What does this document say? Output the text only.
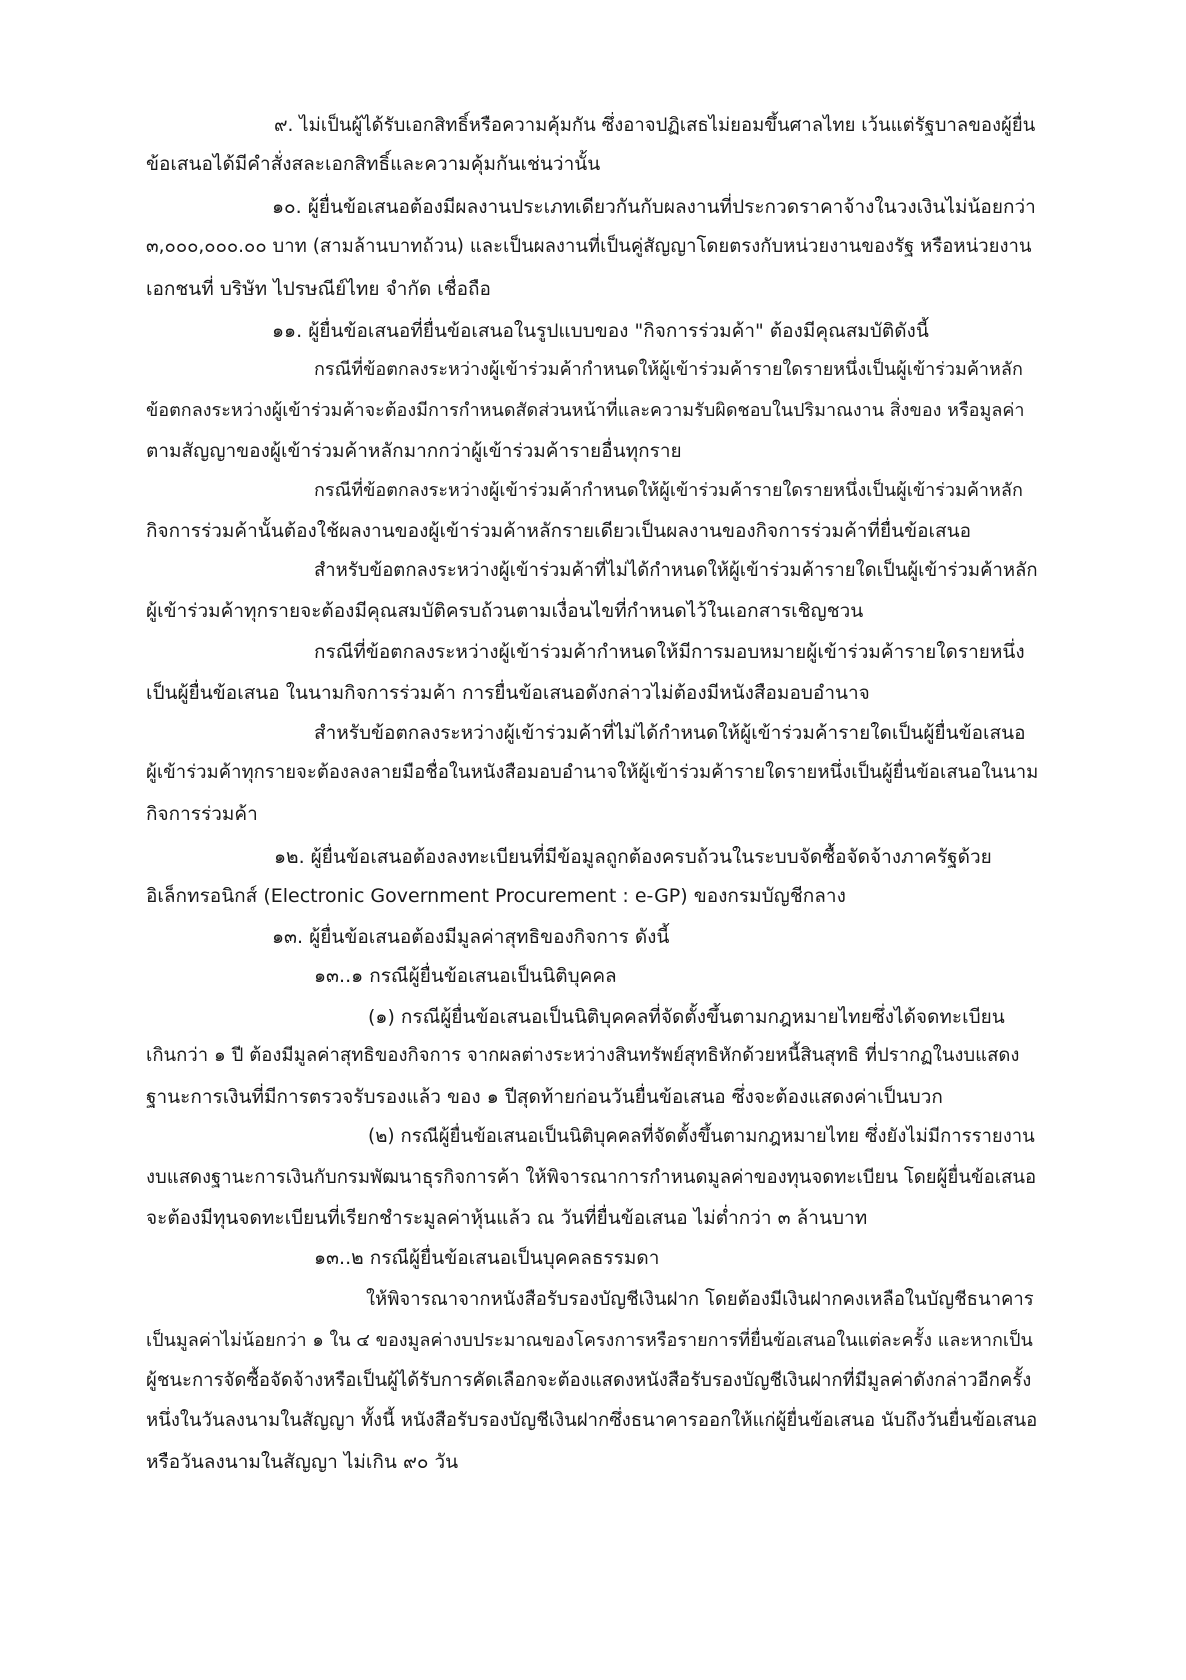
๙. ไม่เป็นผู้ได้รับเอกสิทธิ์หรือความคุ้มกัน ซึ่งอาจปฏิเสธไม่ยอมขึ้นศาลไทย เว้นแต่รัฐบาลของผู้ยื่น
ข้อเสนอได้มีคำสั่งสละเอกสิทธิ์และความคุ้มกันเช่นว่านั้น
๑๐. ผู้ยื่นข้อเสนอต้องมีผลงานประเภทเดียวกันกับผลงานที่ประกวดราคาจ้างในวงเงินไม่น้อยกว่า
๓,๐๐๐,๐๐๐.๐๐ บาท (สามล้านบาทถ้วน) และเป็นผลงานที่เป็นคู่สัญญาโดยตรงกับหน่วยงานของรัฐ หรือหน่วยงาน
เอกชนที่ บริษัท ไปรษณีย์ไทย จำกัด เชื่อถือ
๑๑. ผู้ยื่นข้อเสนอที่ยื่นข้อเสนอในรูปแบบของ "กิจการร่วมค้า" ต้องมีคุณสมบัติดังนี้
กรณีที่ข้อตกลงระหว่างผู้เข้าร่วมค้ากำหนดให้ผู้เข้าร่วมค้ารายใดรายหนึ่งเป็นผู้เข้าร่วมค้าหลัก
ข้อตกลงระหว่างผู้เข้าร่วมค้าจะต้องมีการกำหนดสัดส่วนหน้าที่และความรับผิดชอบในปริมาณงาน สิ่งของ หรือมูลค่า
ตามสัญญาของผู้เข้าร่วมค้าหลักมากกว่าผู้เข้าร่วมค้ารายอื่นทุกราย
กรณีที่ข้อตกลงระหว่างผู้เข้าร่วมค้ากำหนดให้ผู้เข้าร่วมค้ารายใดรายหนึ่งเป็นผู้เข้าร่วมค้าหลัก
กิจการร่วมค้านั้นต้องใช้ผลงานของผู้เข้าร่วมค้าหลักรายเดียวเป็นผลงานของกิจการร่วมค้าที่ยื่นข้อเสนอ
สำหรับข้อตกลงระหว่างผู้เข้าร่วมค้าที่ไม่ได้กำหนดให้ผู้เข้าร่วมค้ารายใดเป็นผู้เข้าร่วมค้าหลัก
ผู้เข้าร่วมค้าทุกรายจะต้องมีคุณสมบัติครบถ้วนตามเงื่อนไขที่กำหนดไว้ในเอกสารเชิญชวน
กรณีที่ข้อตกลงระหว่างผู้เข้าร่วมค้ากำหนดให้มีการมอบหมายผู้เข้าร่วมค้ารายใดรายหนึ่ง
เป็นผู้ยื่นข้อเสนอ ในนามกิจการร่วมค้า การยื่นข้อเสนอดังกล่าวไม่ต้องมีหนังสือมอบอำนาจ
สำหรับข้อตกลงระหว่างผู้เข้าร่วมค้าที่ไม่ได้กำหนดให้ผู้เข้าร่วมค้ารายใดเป็นผู้ยื่นข้อเสนอ
ผู้เข้าร่วมค้าทุกรายจะต้องลงลายมือชื่อในหนังสือมอบอำนาจให้ผู้เข้าร่วมค้ารายใดรายหนึ่งเป็นผู้ยื่นข้อเสนอในนาม
กิจการร่วมค้า
๑๒. ผู้ยื่นข้อเสนอต้องลงทะเบียนที่มีข้อมูลถูกต้องครบถ้วนในระบบจัดซื้อจัดจ้างภาครัฐด้วย
อิเล็กทรอนิกส์ (Electronic Government Procurement : e-GP) ของกรมบัญชีกลาง
๑๓. ผู้ยื่นข้อเสนอต้องมีมูลค่าสุทธิของกิจการ ดังนี้
๑๓..๑ กรณีผู้ยื่นข้อเสนอเป็นนิติบุคคล
(๑) กรณีผู้ยื่นข้อเสนอเป็นนิติบุคคลที่จัดตั้งขึ้นตามกฎหมายไทยซึ่งได้จดทะเบียน
เกินกว่า ๑ ปี ต้องมีมูลค่าสุทธิของกิจการ จากผลต่างระหว่างสินทรัพย์สุทธิหักด้วยหนี้สินสุทธิ ที่ปรากฏในงบแสดง
ฐานะการเงินที่มีการตรวจรับรองแล้ว ของ ๑ ปีสุดท้ายก่อนวันยื่นข้อเสนอ ซึ่งจะต้องแสดงค่าเป็นบวก
(๒) กรณีผู้ยื่นข้อเสนอเป็นนิติบุคคลที่จัดตั้งขึ้นตามกฎหมายไทย ซึ่งยังไม่มีการรายงาน
งบแสดงฐานะการเงินกับกรมพัฒนาธุรกิจการค้า ให้พิจารณาการกำหนดมูลค่าของทุนจดทะเบียน โดยผู้ยื่นข้อเสนอ
จะต้องมีทุนจดทะเบียนที่เรียกชำระมูลค่าหุ้นแล้ว ณ วันที่ยื่นข้อเสนอ ไม่ต่ำกว่า ๓ ล้านบาท
๑๓..๒ กรณีผู้ยื่นข้อเสนอเป็นบุคคลธรรมดา
ให้พิจารณาจากหนังสือรับรองบัญชีเงินฝาก โดยต้องมีเงินฝากคงเหลือในบัญชีธนาคาร
เป็นมูลค่าไม่น้อยกว่า ๑ ใน ๔ ของมูลค่างบประมาณของโครงการหรือรายการที่ยื่นข้อเสนอในแต่ละครั้ง และหากเป็น
ผู้ชนะการจัดซื้อจัดจ้างหรือเป็นผู้ได้รับการคัดเลือกจะต้องแสดงหนังสือรับรองบัญชีเงินฝากที่มีมูลค่าดังกล่าวอีกครั้ง
หนึ่งในวันลงนามในสัญญา ทั้งนี้ หนังสือรับรองบัญชีเงินฝากซึ่งธนาคารออกให้แก่ผู้ยื่นข้อเสนอ นับถึงวันยื่นข้อเสนอ
หรือวันลงนามในสัญญา ไม่เกิน ๙๐ วัน
